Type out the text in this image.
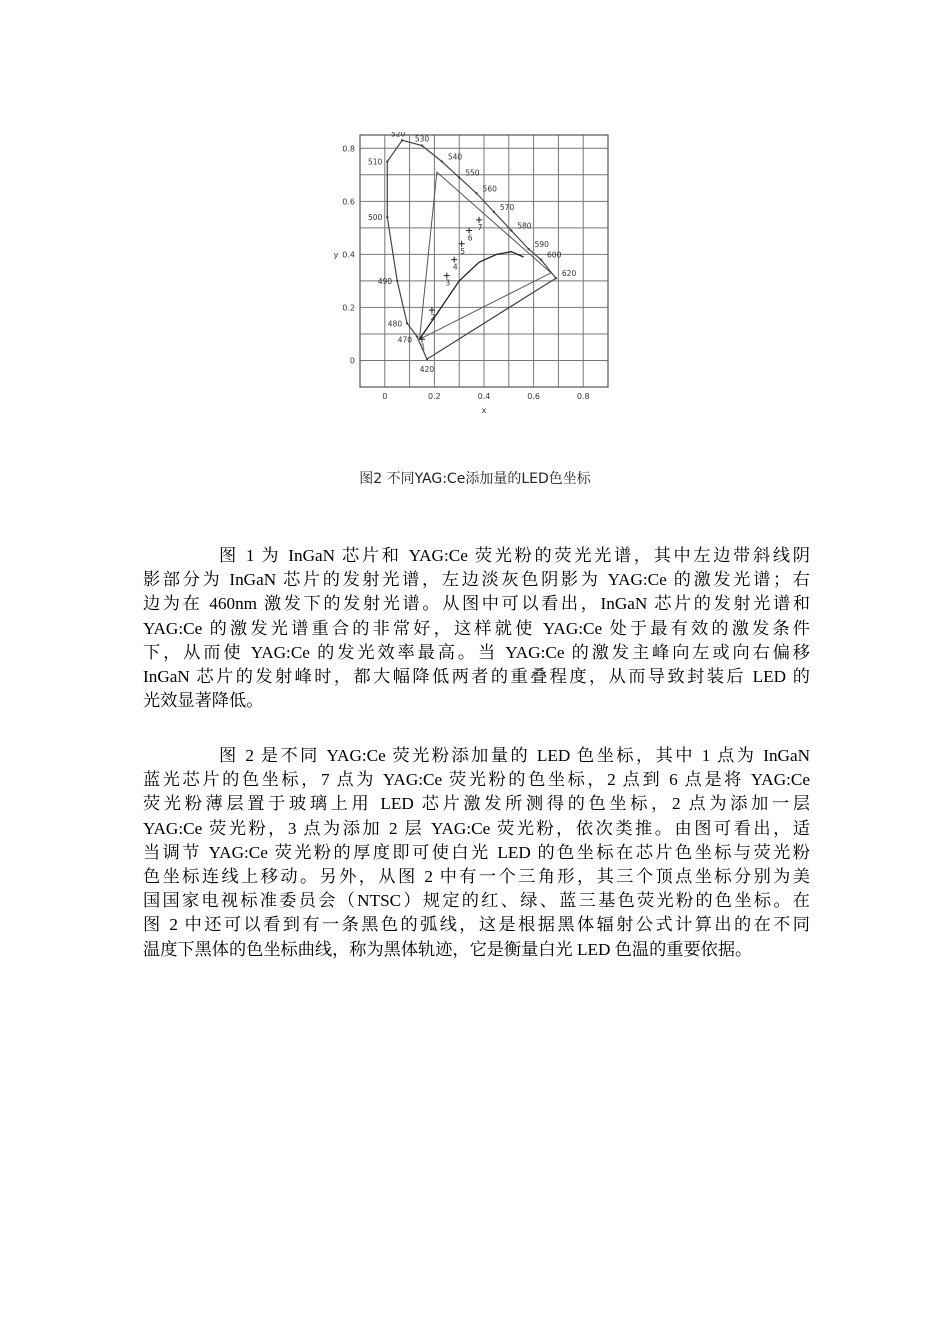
0	0.2	0.4	0.6	0.8
0
0.2
0.4
0.6
0.8
x
y
420
470
480
490
500
510
520
530
540
550
560
570
580
590
600
620
1
2
3
4
5
6
7
图2 不同YAG:Ce添加量的LED色坐标
图 1 为 InGaN 芯片和 YAG:Ce 荧光粉的荧光光谱，其中左边带斜线阴
影部分为 InGaN 芯片的发射光谱，左边淡灰色阴影为 YAG:Ce 的激发光谱；右
边为在 460nm 激发下的发射光谱。从图中可以看出，InGaN 芯片的发射光谱和
YAG:Ce 的激发光谱重合的非常好，这样就使 YAG:Ce 处于最有效的激发条件
下，从而使 YAG:Ce 的发光效率最高。当 YAG:Ce 的激发主峰向左或向右偏移
InGaN 芯片的发射峰时，都大幅降低两者的重叠程度，从而导致封装后 LED 的
光效显著降低。
图 2 是不同 YAG:Ce 荧光粉添加量的 LED 色坐标，其中 1 点为 InGaN
蓝光芯片的色坐标，7 点为 YAG:Ce 荧光粉的色坐标，2 点到 6 点是将 YAG:Ce
荧光粉薄层置于玻璃上用 LED 芯片激发所测得的色坐标，2 点为添加一层
YAG:Ce 荧光粉，3 点为添加 2 层 YAG:Ce 荧光粉，依次类推。由图可看出，适
当调节 YAG:Ce 荧光粉的厚度即可使白光 LED 的色坐标在芯片色坐标与荧光粉
色坐标连线上移动。另外，从图 2 中有一个三角形，其三个顶点坐标分别为美
国国家电视标准委员会（NTSC）规定的红、绿、蓝三基色荧光粉的色坐标。在
图 2 中还可以看到有一条黑色的弧线，这是根据黑体辐射公式计算出的在不同
温度下黑体的色坐标曲线，称为黑体轨迹，它是衡量白光 LED 色温的重要依据。
